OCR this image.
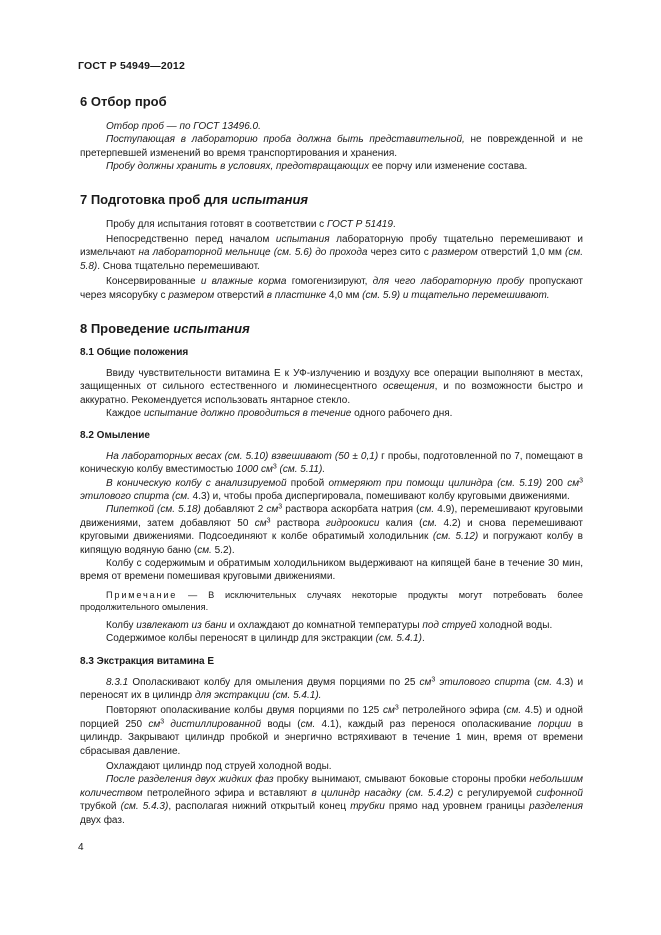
ГОСТ Р 54949—2012
6 Отбор проб

Отбор проб — по ГОСТ 13496.0.

Поступающая в лабораторию проба должна быть представительной, не поврежденной и не претерпевшей изменений во время транспортирования и хранения.

Пробу должны хранить в условиях, предотвращающих ее порчу или изменение состава.

7 Подготовка проб для испытания

Пробу для испытания готовят в соответствии с ГОСТ Р 51419.

Непосредственно перед началом испытания лабораторную пробу тщательно перемешивают и измельчают на лабораторной мельнице (см. 5.6) до прохода через сито с размером отверстий 1,0 мм (см. 5.8). Снова тщательно перемешивают.

Консервированные и влажные корма гомогенизируют, для чего лабораторную пробу пропускают через мясорубку с размером отверстий в пластинке 4,0 мм (см. 5.9) и тщательно перемешивают.

8 Проведение испытания
8.1 Общие положения

Ввиду чувствительности витамина Е к УФ-излучению и воздуху все операции выполняют в местах, защищенных от сильного естественного и люминесцентного освещения, и по возможности быстро и аккуратно. Рекомендуется использовать янтарное стекло.

Каждое испытание должно проводиться в течение одного рабочего дня.

8.2 Омыление

На лабораторных весах (см. 5.10) взвешивают (50 ± 0,1) г пробы, подготовленной по 7, помещают в коническую колбу вместимостью 1000 $см^3$ (см. 5.11).

В коническую колбу с анализируемой пробой отмеряют при помощи цилиндра (см. 5.19) 200 $см^3$ этилового спирта (см. 4.3) и, чтобы проба диспергировала, помешивают колбу круговыми движениями.

Пипеткой (см. 5.18) добавляют 2 $см^3$ раствора аскорбата натрия (см. 4.9), перемешивают круговыми движениями, затем добавляют 50 $см^3$ раствора гидроокиси калия (см. 4.2) и снова перемешивают круговыми движениями. Подсоединяют к колбе обратимый холодильник (см. 5.12) и погружают колбу в кипящую водяную баню (см. 5.2).

Колбу с содержимым и обратимым холодильником выдерживают на кипящей бане в течение 30 мин, время от времени помешивая круговыми движениями.

Примечание — В исключительных случаях некоторые продукты могут потребовать более продолжительного омыления.

Колбу извлекают из бани и охлаждают до комнатной температуры под струей холодной воды.

Содержимое колбы переносят в цилиндр для экстракции (см. 5.4.1).

8.3 Экстракция витамина Е

8.3.1 Ополаскивают колбу для омыления двумя порциями по 25 $см^3$ этилового спирта (см. 4.3) и переносят их в цилиндр для экстракции (см. 5.4.1).

Повторяют ополаскивание колбы двумя порциями по 125 $см^3$ петролейного эфира (см. 4.5) и одной порцией 250 $см^3$ дистиллированной воды (см. 4.1), каждый раз перенося ополаскивание порции в цилиндр. Закрывают цилиндр пробкой и энергично встряхивают в течение 1 мин, время от времени сбрасывая давление.

Охлаждают цилиндр под струей холодной воды.

После разделения двух жидких фаз пробку вынимают, смывают боковые стороны пробки небольшим количеством петролейного эфира и вставляют в цилиндр насадку (см. 5.4.2) с регулируемой сифонной трубкой (см. 5.4.3), располагая нижний открытый конец трубки прямо над уровнем границы разделения двух фаз.

4
